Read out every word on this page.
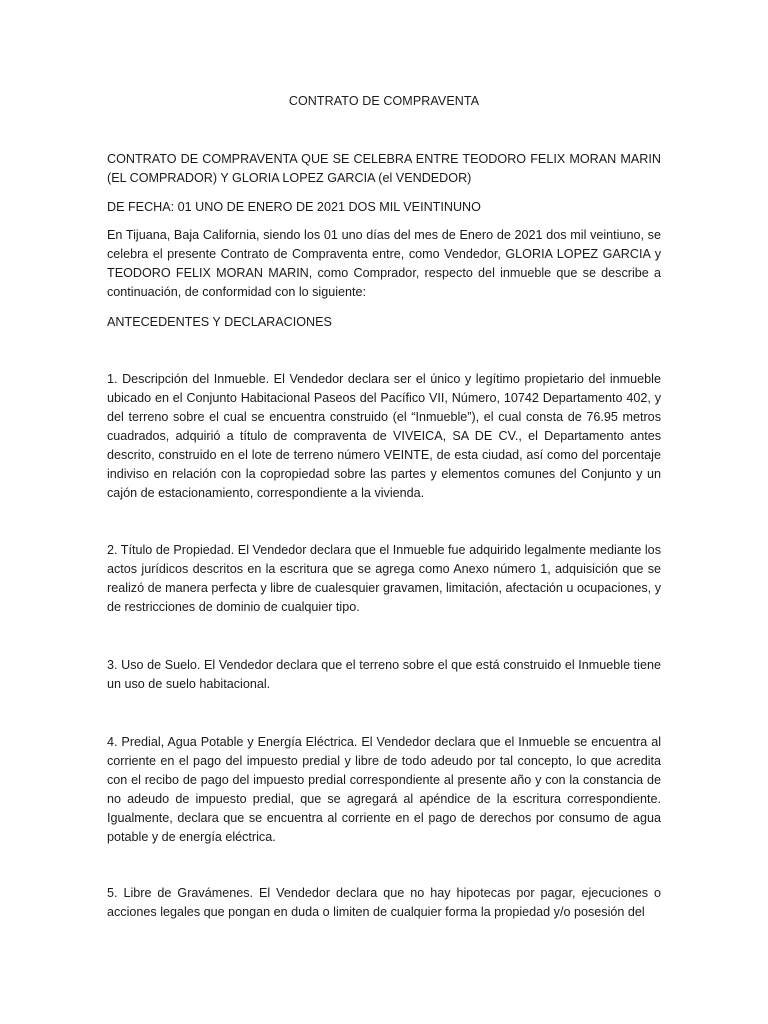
CONTRATO DE COMPRAVENTA

CONTRATO DE COMPRAVENTA QUE SE CELEBRA ENTRE TEODORO FELIX MORAN MARIN (EL COMPRADOR) Y GLORIA LOPEZ GARCIA (el VENDEDOR)

DE FECHA: 01 UNO DE ENERO DE 2021 DOS MIL VEINTINUNO

En Tijuana, Baja California, siendo los 01 uno días del mes de Enero de 2021 dos mil veintiuno, se celebra el presente Contrato de Compraventa entre, como Vendedor, GLORIA LOPEZ GARCIA y TEODORO FELIX MORAN MARIN, como Comprador, respecto del inmueble que se describe a continuación, de conformidad con lo siguiente:

ANTECEDENTES Y DECLARACIONES

1. Descripción del Inmueble. El Vendedor declara ser el único y legítimo propietario del inmueble ubicado en el Conjunto Habitacional Paseos del Pacífico VII, Número, 10742 Departamento 402, y del terreno sobre el cual se encuentra construido (el “Inmueble”), el cual consta de 76.95 metros cuadrados, adquirió a título de compraventa de VIVEICA, SA DE CV., el Departamento antes descrito, construido en el lote de terreno número VEINTE, de esta ciudad, así como del porcentaje indiviso en relación con la copropiedad sobre las partes y elementos comunes del Conjunto y un cajón de estacionamiento, correspondiente a la vivienda.

2. Título de Propiedad. El Vendedor declara que el Inmueble fue adquirido legalmente mediante los actos jurídicos descritos en la escritura que se agrega como Anexo número 1, adquisición que se realizó de manera perfecta y libre de cualesquier gravamen, limitación, afectación u ocupaciones, y de restricciones de dominio de cualquier tipo.

3. Uso de Suelo. El Vendedor declara que el terreno sobre el que está construido el Inmueble tiene un uso de suelo habitacional.

4. Predial, Agua Potable y Energía Eléctrica. El Vendedor declara que el Inmueble se encuentra al corriente en el pago del impuesto predial y libre de todo adeudo por tal concepto, lo que acredita con el recibo de pago del impuesto predial correspondiente al presente año y con la constancia de no adeudo de impuesto predial, que se agregará al apéndice de la escritura correspondiente. Igualmente, declara que se encuentra al corriente en el pago de derechos por consumo de agua potable y de energía eléctrica.

5. Libre de Gravámenes. El Vendedor declara que no hay hipotecas por pagar, ejecuciones o acciones legales que pongan en duda o limiten de cualquier forma la propiedad y/o posesión del
